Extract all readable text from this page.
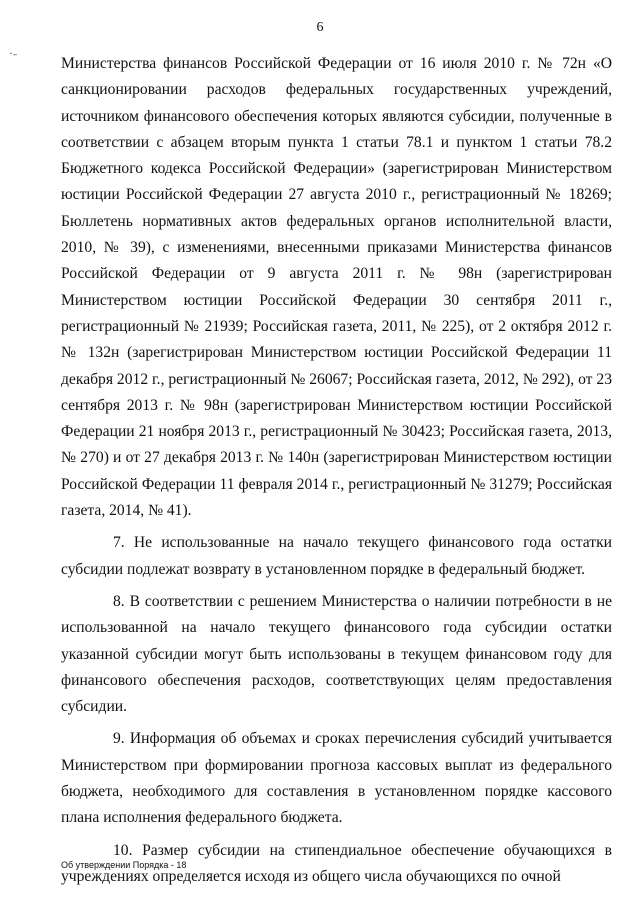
6
·˗

Министерства финансов Российской Федерации от 16 июля 2010 г. № 72н «О санкционировании расходов федеральных государственных учреждений, источником финансового обеспечения которых являются субсидии, полученные в соответствии с абзацем вторым пункта 1 статьи 78.1 и пунктом 1 статьи 78.2 Бюджетного кодекса Российской Федерации» (зарегистрирован Министерством юстиции Российской Федерации 27 августа 2010 г., регистрационный № 18269; Бюллетень нормативных актов федеральных органов исполнительной власти, 2010, № 39), с изменениями, внесенными приказами Министерства финансов Российской Федерации от 9 августа 2011 г. № 98н (зарегистрирован Министерством юстиции Российской Федерации 30 сентября 2011 г., регистрационный № 21939; Российская газета, 2011, № 225), от 2 октября 2012 г. № 132н (зарегистрирован Министерством юстиции Российской Федерации 11 декабря 2012 г., регистрационный № 26067; Российская газета, 2012, № 292), от 23 сентября 2013 г. № 98н (зарегистрирован Министерством юстиции Российской Федерации 21 ноября 2013 г., регистрационный № 30423; Российская газета, 2013, № 270) и от 27 декабря 2013 г. № 140н (зарегистрирован Министерством юстиции Российской Федерации 11 февраля 2014 г., регистрационный № 31279; Российская газета, 2014, № 41).

7. Не использованные на начало текущего финансового года остатки субсидии подлежат возврату в установленном порядке в федеральный бюджет.

8. В соответствии с решением Министерства о наличии потребности в не использованной на начало текущего финансового года субсидии остатки указанной субсидии могут быть использованы в текущем финансовом году для финансового обеспечения расходов, соответствующих целям предоставления субсидии.

9. Информация об объемах и сроках перечисления субсидий учитывается Министерством при формировании прогноза кассовых выплат из федерального бюджета, необходимого для составления в установленном порядке кассового плана исполнения федерального бюджета.

10. Размер субсидии на стипендиальное обеспечение обучающихся в учреждениях определяется исходя из общего числа обучающихся по очной

Об утверждении Порядка - 18
